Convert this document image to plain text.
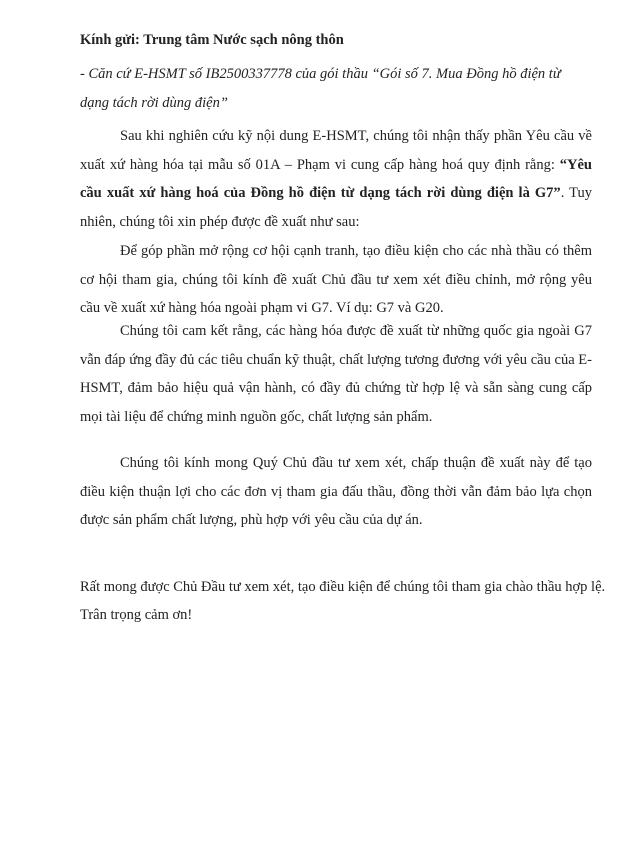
Kính gửi: Trung tâm Nước sạch nông thôn
- Căn cứ E-HSMT số IB2500337778 của gói thầu “Gói số 7. Mua Đồng hồ điện từ dạng tách rời dùng điện”
Sau khi nghiên cứu kỹ nội dung E-HSMT, chúng tôi nhận thấy phần Yêu cầu về xuất xứ hàng hóa tại mẫu số 01A – Phạm vi cung cấp hàng hoá quy định rằng: “Yêu cầu xuất xứ hàng hoá của Đồng hồ điện từ dạng tách rời dùng điện là G7”. Tuy nhiên, chúng tôi xin phép được đề xuất như sau:
Để góp phần mở rộng cơ hội cạnh tranh, tạo điều kiện cho các nhà thầu có thêm cơ hội tham gia, chúng tôi kính đề xuất Chủ đầu tư xem xét điều chỉnh, mở rộng yêu cầu về xuất xứ hàng hóa ngoài phạm vi G7. Ví dụ: G7 và G20.
Chúng tôi cam kết rằng, các hàng hóa được đề xuất từ những quốc gia ngoài G7 vẫn đáp ứng đầy đủ các tiêu chuẩn kỹ thuật, chất lượng tương đương với yêu cầu của E-HSMT, đảm bảo hiệu quả vận hành, có đầy đủ chứng từ hợp lệ và sẵn sàng cung cấp mọi tài liệu để chứng minh nguồn gốc, chất lượng sản phẩm.
Chúng tôi kính mong Quý Chủ đầu tư xem xét, chấp thuận đề xuất này để tạo điều kiện thuận lợi cho các đơn vị tham gia đấu thầu, đồng thời vẫn đảm bảo lựa chọn được sản phẩm chất lượng, phù hợp với yêu cầu của dự án.
Rất mong được Chủ Đầu tư xem xét, tạo điều kiện để chúng tôi tham gia chào thầu hợp lệ.
Trân trọng cảm ơn!
